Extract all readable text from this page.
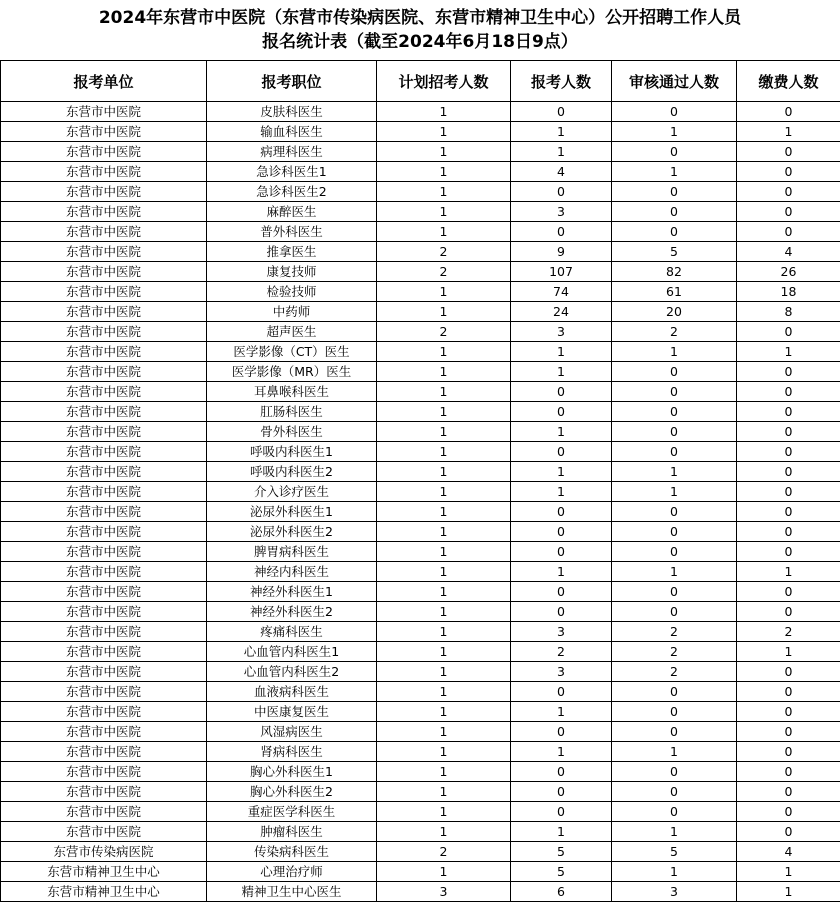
2024年东营市中医院（东营市传染病医院、东营市精神卫生中心）公开招聘工作人员
报名统计表（截至2024年6月18日9点）
报考单位	报考职位	计划招考人数	报考人数	审核通过人数	缴费人数
东营市中医院	皮肤科医生	1	0	0	0
东营市中医院	输血科医生	1	1	1	1
东营市中医院	病理科医生	1	1	0	0
东营市中医院	急诊科医生1	1	4	1	0
东营市中医院	急诊科医生2	1	0	0	0
东营市中医院	麻醉医生	1	3	0	0
东营市中医院	普外科医生	1	0	0	0
东营市中医院	推拿医生	2	9	5	4
东营市中医院	康复技师	2	107	82	26
东营市中医院	检验技师	1	74	61	18
东营市中医院	中药师	1	24	20	8
东营市中医院	超声医生	2	3	2	0
东营市中医院	医学影像（CT）医生	1	1	1	1
东营市中医院	医学影像（MR）医生	1	1	0	0
东营市中医院	耳鼻喉科医生	1	0	0	0
东营市中医院	肛肠科医生	1	0	0	0
东营市中医院	骨外科医生	1	1	0	0
东营市中医院	呼吸内科医生1	1	0	0	0
东营市中医院	呼吸内科医生2	1	1	1	0
东营市中医院	介入诊疗医生	1	1	1	0
东营市中医院	泌尿外科医生1	1	0	0	0
东营市中医院	泌尿外科医生2	1	0	0	0
东营市中医院	脾胃病科医生	1	0	0	0
东营市中医院	神经内科医生	1	1	1	1
东营市中医院	神经外科医生1	1	0	0	0
东营市中医院	神经外科医生2	1	0	0	0
东营市中医院	疼痛科医生	1	3	2	2
东营市中医院	心血管内科医生1	1	2	2	1
东营市中医院	心血管内科医生2	1	3	2	0
东营市中医院	血液病科医生	1	0	0	0
东营市中医院	中医康复医生	1	1	0	0
东营市中医院	风湿病医生	1	0	0	0
东营市中医院	肾病科医生	1	1	1	0
东营市中医院	胸心外科医生1	1	0	0	0
东营市中医院	胸心外科医生2	1	0	0	0
东营市中医院	重症医学科医生	1	0	0	0
东营市中医院	肿瘤科医生	1	1	1	0
东营市传染病医院	传染病科医生	2	5	5	4
东营市精神卫生中心	心理治疗师	1	5	1	1
东营市精神卫生中心	精神卫生中心医生	3	6	3	1
